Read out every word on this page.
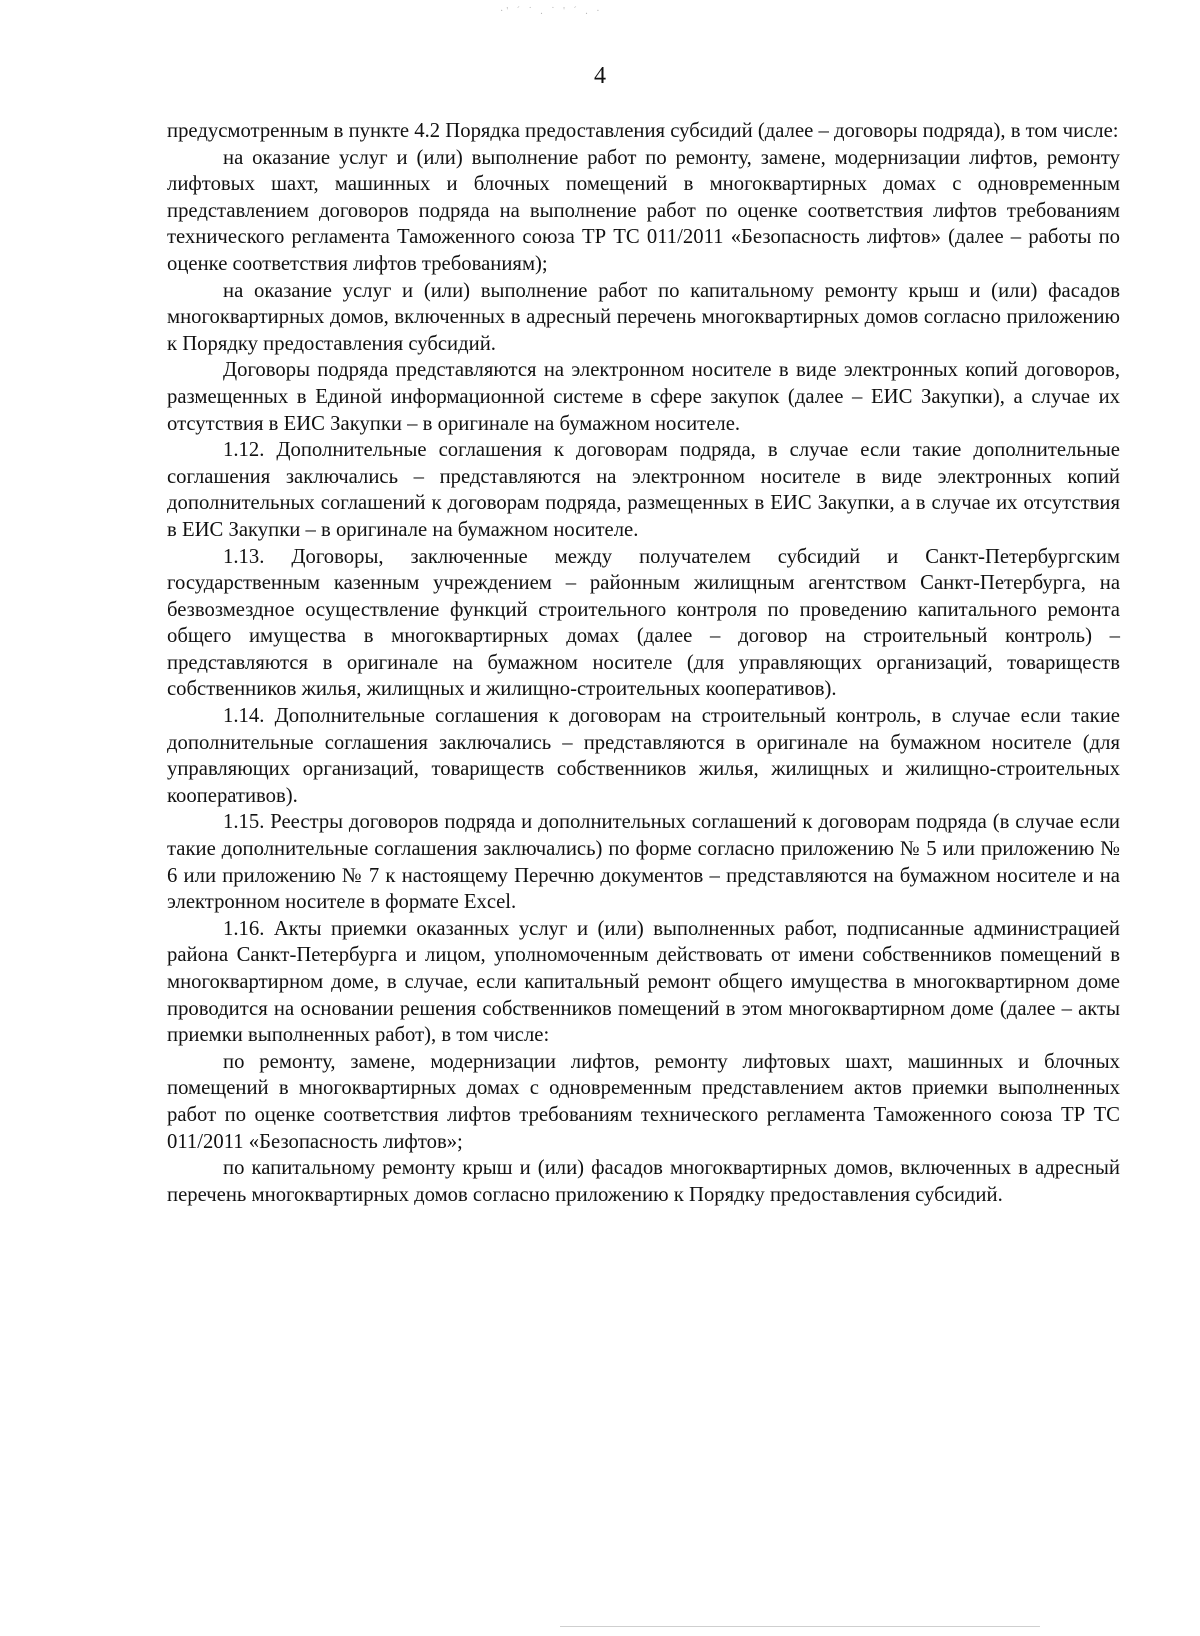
·' ´ ˙ . ˙ ' ´ . ·
4

предусмотренным в пункте 4.2 Порядка предоставления субсидий (далее – договоры подряда), в том числе:

на оказание услуг и (или) выполнение работ по ремонту, замене, модернизации лифтов, ремонту лифтовых шахт, машинных и блочных помещений в многоквартирных домах с одновременным представлением договоров подряда на выполнение работ по оценке соответствия лифтов требованиям технического регламента Таможенного союза ТР ТС 011/2011 «Безопасность лифтов» (далее – работы по оценке соответствия лифтов требованиям);

на оказание услуг и (или) выполнение работ по капитальному ремонту крыш и (или) фасадов многоквартирных домов, включенных в адресный перечень многоквартирных домов согласно приложению к Порядку предоставления субсидий.

Договоры подряда представляются на электронном носителе в виде электронных копий договоров, размещенных в Единой информационной системе в сфере закупок (далее – ЕИС Закупки), а случае их отсутствия в ЕИС Закупки – в оригинале на бумажном носителе.

1.12. Дополнительные соглашения к договорам подряда, в случае если такие дополнительные соглашения заключались – представляются на электронном носителе в виде электронных копий дополнительных соглашений к договорам подряда, размещенных в ЕИС Закупки, а в случае их отсутствия в ЕИС Закупки – в оригинале на бумажном носителе.

1.13. Договоры, заключенные между получателем субсидий и Санкт-Петербургским государственным казенным учреждением – районным жилищным агентством Санкт-Петербурга, на безвозмездное осуществление функций строительного контроля по проведению капитального ремонта общего имущества в многоквартирных домах (далее – договор на строительный контроль) – представляются в оригинале на бумажном носителе (для управляющих организаций, товариществ собственников жилья, жилищных и жилищно-строительных кооперативов).

1.14. Дополнительные соглашения к договорам на строительный контроль, в случае если такие дополнительные соглашения заключались – представляются в оригинале на бумажном носителе (для управляющих организаций, товариществ собственников жилья, жилищных и жилищно-строительных кооперативов).

1.15. Реестры договоров подряда и дополнительных соглашений к договорам подряда (в случае если такие дополнительные соглашения заключались) по форме согласно приложению № 5 или приложению № 6 или приложению № 7 к настоящему Перечню документов – представляются на бумажном носителе и на электронном носителе в формате Excel.

1.16. Акты приемки оказанных услуг и (или) выполненных работ, подписанные администрацией района Санкт-Петербурга и лицом, уполномоченным действовать от имени собственников помещений в многоквартирном доме, в случае, если капитальный ремонт общего имущества в многоквартирном доме проводится на основании решения собственников помещений в этом многоквартирном доме (далее – акты приемки выполненных работ), в том числе:

по ремонту, замене, модернизации лифтов, ремонту лифтовых шахт, машинных и блочных помещений в многоквартирных домах с одновременным представлением актов приемки выполненных работ по оценке соответствия лифтов требованиям технического регламента Таможенного союза ТР ТС 011/2011 «Безопасность лифтов»;

по капитальному ремонту крыш и (или) фасадов многоквартирных домов, включенных в адресный перечень многоквартирных домов согласно приложению к Порядку предоставления субсидий.
